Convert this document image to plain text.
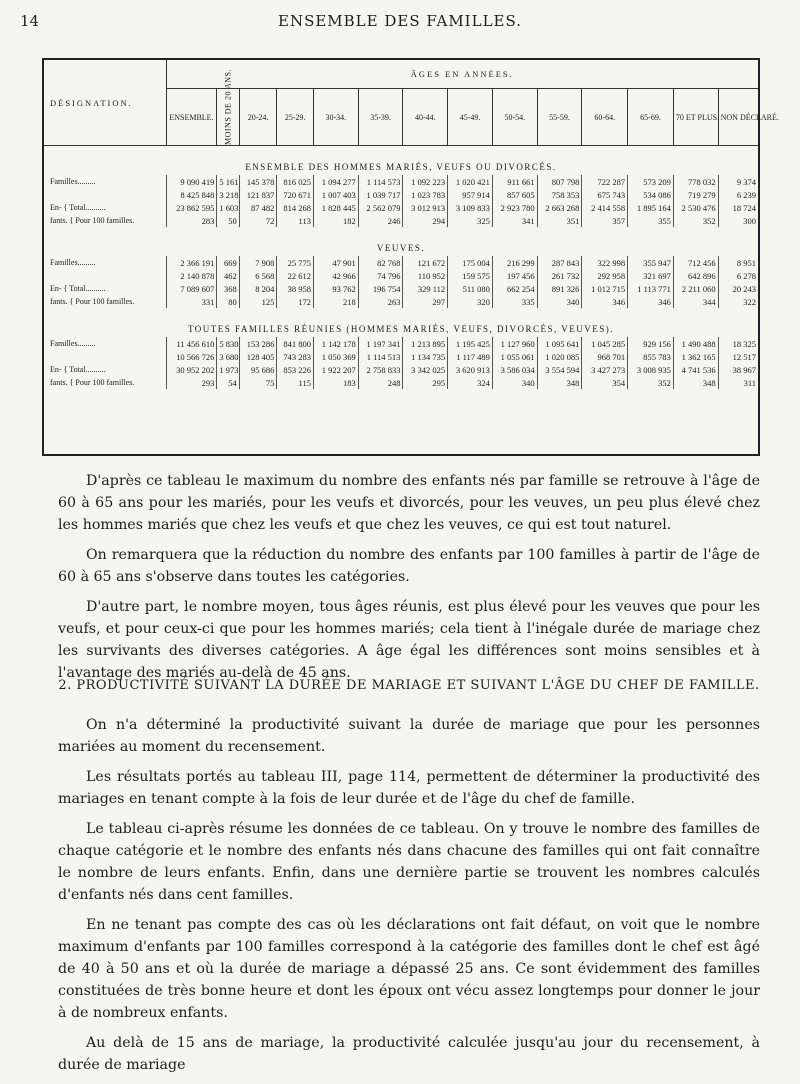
14	ENSEMBLE DES FAMILLES.
DÉSIGNATION.	ÂGES EN ANNÉES.													
	ENSEMBLE.	MOINS DE 20 ANS.	20-24.	25-29.	30-34.	35-39.	40-44.	45-49.	50-54.	55-59.	60-64.	65-69.	70 ET PLUS.	NON DÉCLARÉ.
ENSEMBLE DES HOMMES MARIÉS, VEUFS OU DIVORCÉS.														
Familles.........	9 090 419	5 161	145 378	816 025	1 094 277	1 114 573	1 092 223	1 020 421	911 661	807 798	722 287	573 209	778 032	9 374
	8 425 848	3 218	121 837	720 671	1 007 403	1 039 717	1 023 783	957 914	857 605	758 353	675 743	534 086	719 279	6 239
En- { Total..........	23 862 595	1 603	87 482	814 268	1 828 445	2 562 079	3 012 913	3 109 833	2 923 780	2 663 268	2 414 558	1 895 164	2 530 476	18 724
fants. { Pour 100 familles.	283	50	72	113	182	246	294	325	341	351	357	355	352	300
VEUVES.														
Familles.........	2 366 191	669	7 908	25 775	47 901	82 768	121 672	175 004	216 299	287 843	322 998	355 947	712 456	8 951
	2 140 878	462	6 568	22 612	42 966	74 796	110 952	159 575	197 456	261 732	292 958	321 697	642 896	6 278
En- { Total..........	7 089 607	368	8 204	38 958	93 762	196 754	329 112	511 080	662 254	891 326	1 012 715	1 113 771	2 211 060	20 243
fants. { Pour 100 familles.	331	80	125	172	218	263	297	320	335	340	346	346	344	322
TOUTES FAMILLES RÉUNIES (HOMMES MARIÉS, VEUFS, DIVORCÉS, VEUVES).														
Familles.........	11 456 610	5 830	153 286	841 800	1 142 178	1 197 341	1 213 895	1 195 425	1 127 960	1 095 641	1 045 285	929 156	1 490 488	18 325
	10 566 726	3 680	128 405	743 283	1 050 369	1 114 513	1 134 735	1 117 489	1 055 061	1 020 085	968 701	855 783	1 362 165	12 517
En- { Total..........	30 952 202	1 973	95 686	853 226	1 922 207	2 758 833	3 342 025	3 620 913	3 586 034	3 554 594	3 427 273	3 008 935	4 741 536	38 967
fants. { Pour 100 familles.	293	54	75	115	183	248	295	324	340	348	354	352	348	311

D'après ce tableau le maximum du nombre des enfants nés par famille se retrouve à l'âge de 60 à 65 ans pour les mariés, pour les veufs et divorcés, pour les veuves, un peu plus élevé chez les hommes mariés que chez les veufs et que chez les veuves, ce qui est tout naturel.

On remarquera que la réduction du nombre des enfants par 100 familles à partir de l'âge de 60 à 65 ans s'observe dans toutes les catégories.

D'autre part, le nombre moyen, tous âges réunis, est plus élevé pour les veuves que pour les veufs, et pour ceux-ci que pour les hommes mariés; cela tient à l'inégale durée de mariage chez les survivants des diverses catégories. A âge égal les différences sont moins sensibles et à l'avantage des mariés au-delà de 45 ans.

2. PRODUCTIVITÉ SUIVANT LA DURÉE DE MARIAGE ET SUIVANT L'ÂGE DU CHEF DE FAMILLE.

On n'a déterminé la productivité suivant la durée de mariage que pour les personnes mariées au moment du recensement.

Les résultats portés au tableau III, page 114, permettent de déterminer la productivité des mariages en tenant compte à la fois de leur durée et de l'âge du chef de famille.

Le tableau ci-après résume les données de ce tableau. On y trouve le nombre des familles de chaque catégorie et le nombre des enfants nés dans chacune des familles qui ont fait connaître le nombre de leurs enfants. Enfin, dans une dernière partie se trouvent les nombres calculés d'enfants nés dans cent familles.

En ne tenant pas compte des cas où les déclarations ont fait défaut, on voit que le nombre maximum d'enfants par 100 familles correspond à la catégorie des familles dont le chef est âgé de 40 à 50 ans et où la durée de mariage a dépassé 25 ans. Ce sont évidemment des familles constituées de très bonne heure et dont les époux ont vécu assez longtemps pour donner le jour à de nombreux enfants.

Au delà de 15 ans de mariage, la productivité calculée jusqu'au jour du recensement, à durée de mariage
